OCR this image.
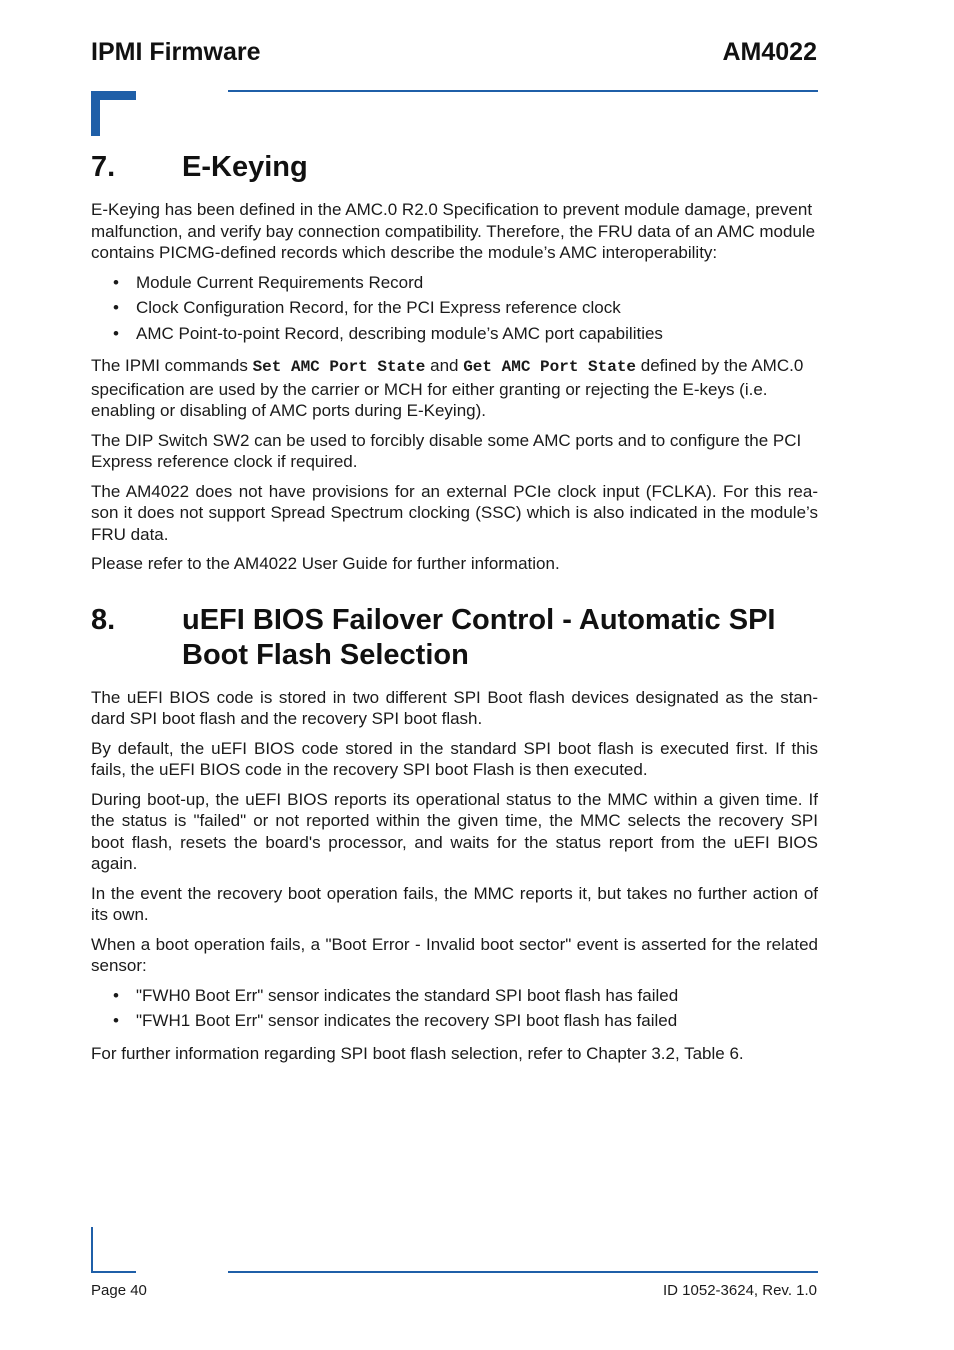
IPMI Firmware	AM4022
7.	E-Keying

E-Keying has been defined in the AMC.0 R2.0 Specification to prevent module damage, prevent malfunction, and verify bay connection compatibility. Therefore, the FRU data of an AMC module contains PICMG-defined records which describe the module’s AMC interoperability:

• Module Current Requirements Record
• Clock Configuration Record, for the PCI Express reference clock
• AMC Point-to-point Record, describing module’s AMC port capabilities

The IPMI commands Set AMC Port State and Get AMC Port State defined by the AMC.0 specification are used by the carrier or MCH for either granting or rejecting the E-keys (i.e. enabling or disabling of AMC ports during E-Keying).

The DIP Switch SW2 can be used to forcibly disable some AMC ports and to configure the PCI Express reference clock if required.

The AM4022 does not have provisions for an external PCIe clock input (FCLKA). For this rea-son it does not support Spread Spectrum clocking (SSC) which is also indicated in the module’s FRU data.

Please refer to the AM4022 User Guide for further information.

8.	uEFI BIOS Failover Control - Automatic SPI
Boot Flash Selection

The uEFI BIOS code is stored in two different SPI Boot flash devices designated as the stan-dard SPI boot flash and the recovery SPI boot flash.

By default, the uEFI BIOS code stored in the standard SPI boot flash is executed first. If this fails, the uEFI BIOS code in the recovery SPI boot Flash is then executed.

During boot-up, the uEFI BIOS reports its operational status to the MMC within a given time. If the status is "failed" or not reported within the given time, the MMC selects the recovery SPI boot flash, resets the board's processor, and waits for the status report from the uEFI BIOS again.

In the event the recovery boot operation fails, the MMC reports it, but takes no further action of its own.

When a boot operation fails, a "Boot Error - Invalid boot sector" event is asserted for the related sensor:

• "FWH0 Boot Err" sensor indicates the standard SPI boot flash has failed
• "FWH1 Boot Err" sensor indicates the recovery SPI boot flash has failed

For further information regarding SPI boot flash selection, refer to Chapter 3.2, Table 6.

Page 40	ID 1052-3624, Rev. 1.0
